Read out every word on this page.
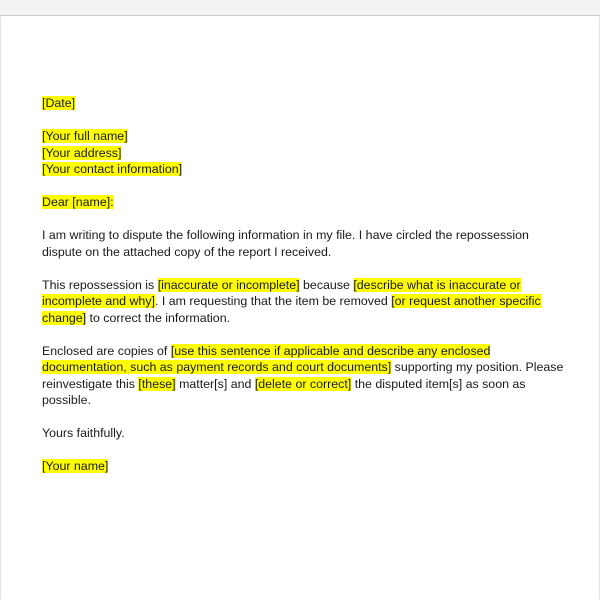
[Date]

[Your full name]

[Your address]

[Your contact information]

Dear [name]:

I am writing to dispute the following information in my file. I have circled the repossession dispute on the attached copy of the report I received.

This repossession is [inaccurate or incomplete] because [describe what is inaccurate or incomplete and why]. I am requesting that the item be removed [or request another specific change] to correct the information.

Enclosed are copies of [use this sentence if applicable and describe any enclosed documentation, such as payment records and court documents] supporting my position. Please reinvestigate this [these] matter[s] and [delete or correct] the disputed item[s] as soon as possible.

Yours faithfully.

[Your name]
